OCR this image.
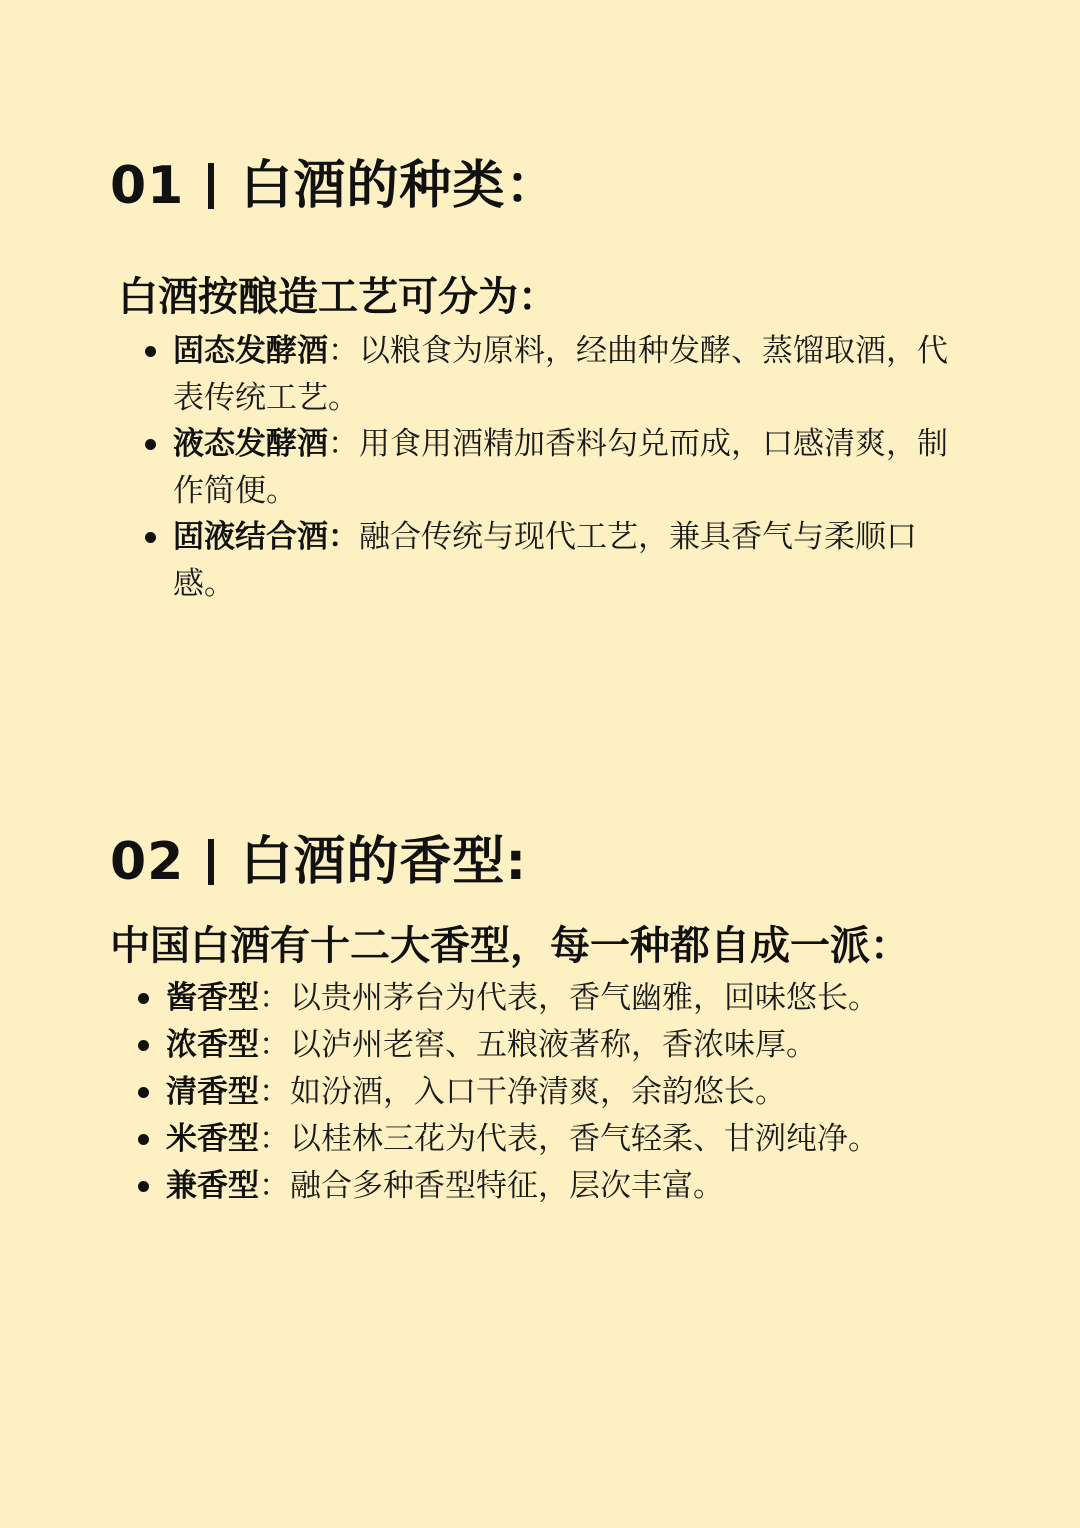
01 白酒的种类：
白酒按酿造工艺可分为：
固态发酵酒：以粮食为原料，经曲种发酵、蒸馏取酒，代表传统工艺。
液态发酵酒：用食用酒精加香料勾兑而成，口感清爽，制作简便。
固液结合酒：融合传统与现代工艺，兼具香气与柔顺口感。
02 白酒的香型:
中国白酒有十二大香型，每一种都自成一派：
酱香型：以贵州茅台为代表，香气幽雅，回味悠长。
浓香型：以泸州老窖、五粮液著称，香浓味厚。
清香型：如汾酒，入口干净清爽，余韵悠长。
米香型：以桂林三花为代表，香气轻柔、甘洌纯净。
兼香型：融合多种香型特征，层次丰富。
